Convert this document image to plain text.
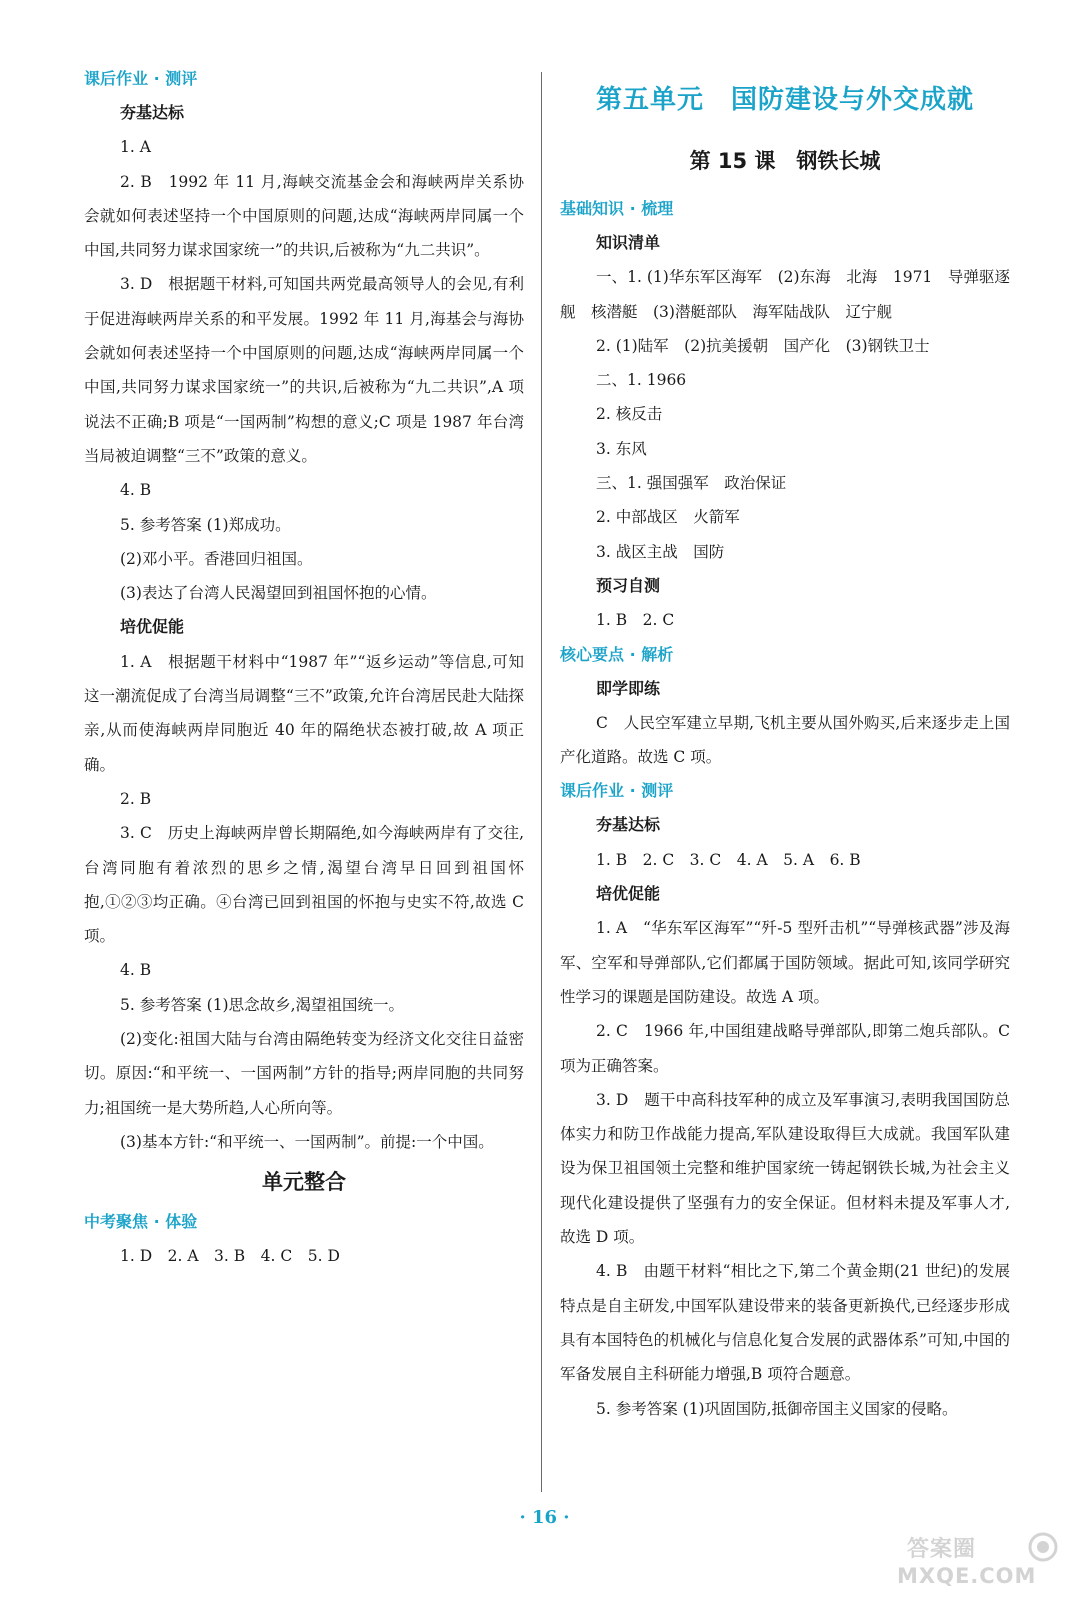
课后作业 · 测评
夯基达标
1. A
2. B　1992 年 11 月,海峡交流基金会和海峡两岸关系协会就如何表述坚持一个中国原则的问题,达成“海峡两岸同属一个中国,共同努力谋求国家统一”的共识,后被称为“九二共识”。
3. D　根据题干材料,可知国共两党最高领导人的会见,有利于促进海峡两岸关系的和平发展。1992 年 11 月,海基会与海协会就如何表述坚持一个中国原则的问题,达成“海峡两岸同属一个中国,共同努力谋求国家统一”的共识,后被称为“九二共识”,A 项说法不正确;B 项是“一国两制”构想的意义;C 项是 1987 年台湾当局被迫调整“三不”政策的意义。
4. B
5. 参考答案 (1)郑成功。
(2)邓小平。香港回归祖国。
(3)表达了台湾人民渴望回到祖国怀抱的心情。
培优促能
1. A　根据题干材料中“1987 年”“返乡运动”等信息,可知这一潮流促成了台湾当局调整“三不”政策,允许台湾居民赴大陆探亲,从而使海峡两岸同胞近 40 年的隔绝状态被打破,故 A 项正确。
2. B
3. C　历史上海峡两岸曾长期隔绝,如今海峡两岸有了交往,台湾同胞有着浓烈的思乡之情,渴望台湾早日回到祖国怀抱,①②③均正确。④台湾已回到祖国的怀抱与史实不符,故选 C 项。
4. B
5. 参考答案 (1)思念故乡,渴望祖国统一。
(2)变化:祖国大陆与台湾由隔绝转变为经济文化交往日益密切。原因:“和平统一、一国两制”方针的指导;两岸同胞的共同努力;祖国统一是大势所趋,人心所向等。
(3)基本方针:“和平统一、一国两制”。前提:一个中国。
单元整合
中考聚焦 · 体验
1. D　2. A　3. B　4. C　5. D
第五单元　国防建设与外交成就
第 15 课　钢铁长城
基础知识 · 梳理
知识清单
一、1. (1)华东军区海军　(2)东海　北海　1971　导弹驱逐舰　核潜艇　(3)潜艇部队　海军陆战队　辽宁舰
2. (1)陆军　(2)抗美援朝　国产化　(3)钢铁卫士
二、1. 1966
2. 核反击
3. 东风
三、1. 强国强军　政治保证
2. 中部战区　火箭军
3. 战区主战　国防
预习自测
1. B　2. C
核心要点 · 解析
即学即练
C　人民空军建立早期,飞机主要从国外购买,后来逐步走上国产化道路。故选 C 项。
课后作业 · 测评
夯基达标
1. B　2. C　3. C　4. A　5. A　6. B
培优促能
1. A　“华东军区海军”“歼-5 型歼击机”“导弹核武器”涉及海军、空军和导弹部队,它们都属于国防领域。据此可知,该同学研究性学习的课题是国防建设。故选 A 项。
2. C　1966 年,中国组建战略导弹部队,即第二炮兵部队。C 项为正确答案。
3. D　题干中高科技军种的成立及军事演习,表明我国国防总体实力和防卫作战能力提高,军队建设取得巨大成就。我国军队建设为保卫祖国领土完整和维护国家统一铸起钢铁长城,为社会主义现代化建设提供了坚强有力的安全保证。但材料未提及军事人才,故选 D 项。
4. B　由题干材料“相比之下,第二个黄金期(21 世纪)的发展特点是自主研发,中国军队建设带来的装备更新换代,已经逐步形成具有本国特色的机械化与信息化复合发展的武器体系”可知,中国的军备发展自主科研能力增强,B 项符合题意。
5. 参考答案 (1)巩固国防,抵御帝国主义国家的侵略。
· 16 ·
答案圈
MXQE.COM
